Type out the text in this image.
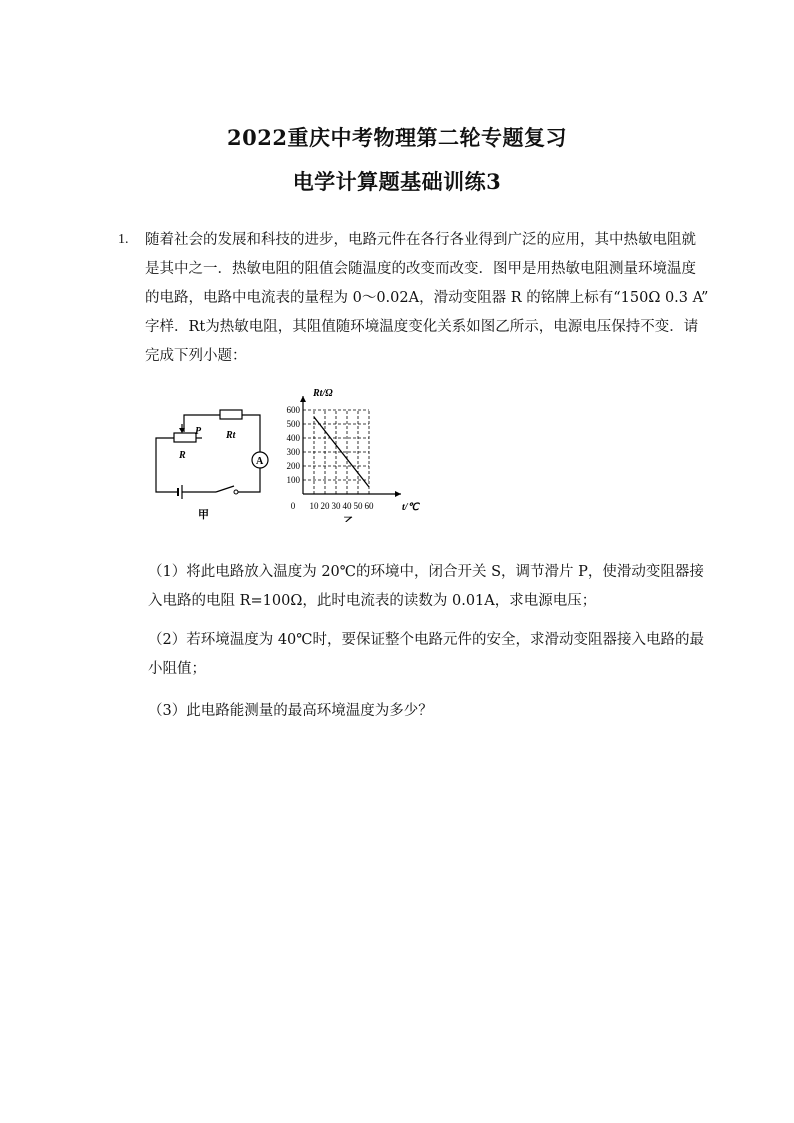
2022重庆中考物理第二轮专题复习
电学计算题基础训练3
1. 随着社会的发展和科技的进步，电路元件在各行各业得到广泛的应用，其中热敏电阻就

是其中之一．热敏电阻的阻值会随温度的改变而改变．图甲是用热敏电阻测量环境温度

的电路，电路中电流表的量程为 0～0.02A，滑动变阻器 R 的铭牌上标有“150Ω 0.3 A”

字样．Rt为热敏电阻，其阻值随环境温度变化关系如图乙所示，电源电压保持不变．请

完成下列小题：

P Rt
R
A
甲
600
500
400
300
200
100
10 20 30 40 50 60
Rt/Ω
t/℃
0
乙

（1）将此电路放入温度为 20℃的环境中，闭合开关 S，调节滑片 P，使滑动变阻器接

入电路的电阻 R=100Ω，此时电流表的读数为 0.01A，求电源电压；

（2）若环境温度为 40℃时，要保证整个电路元件的安全，求滑动变阻器接入电路的最

小阻值；

（3）此电路能测量的最高环境温度为多少？
